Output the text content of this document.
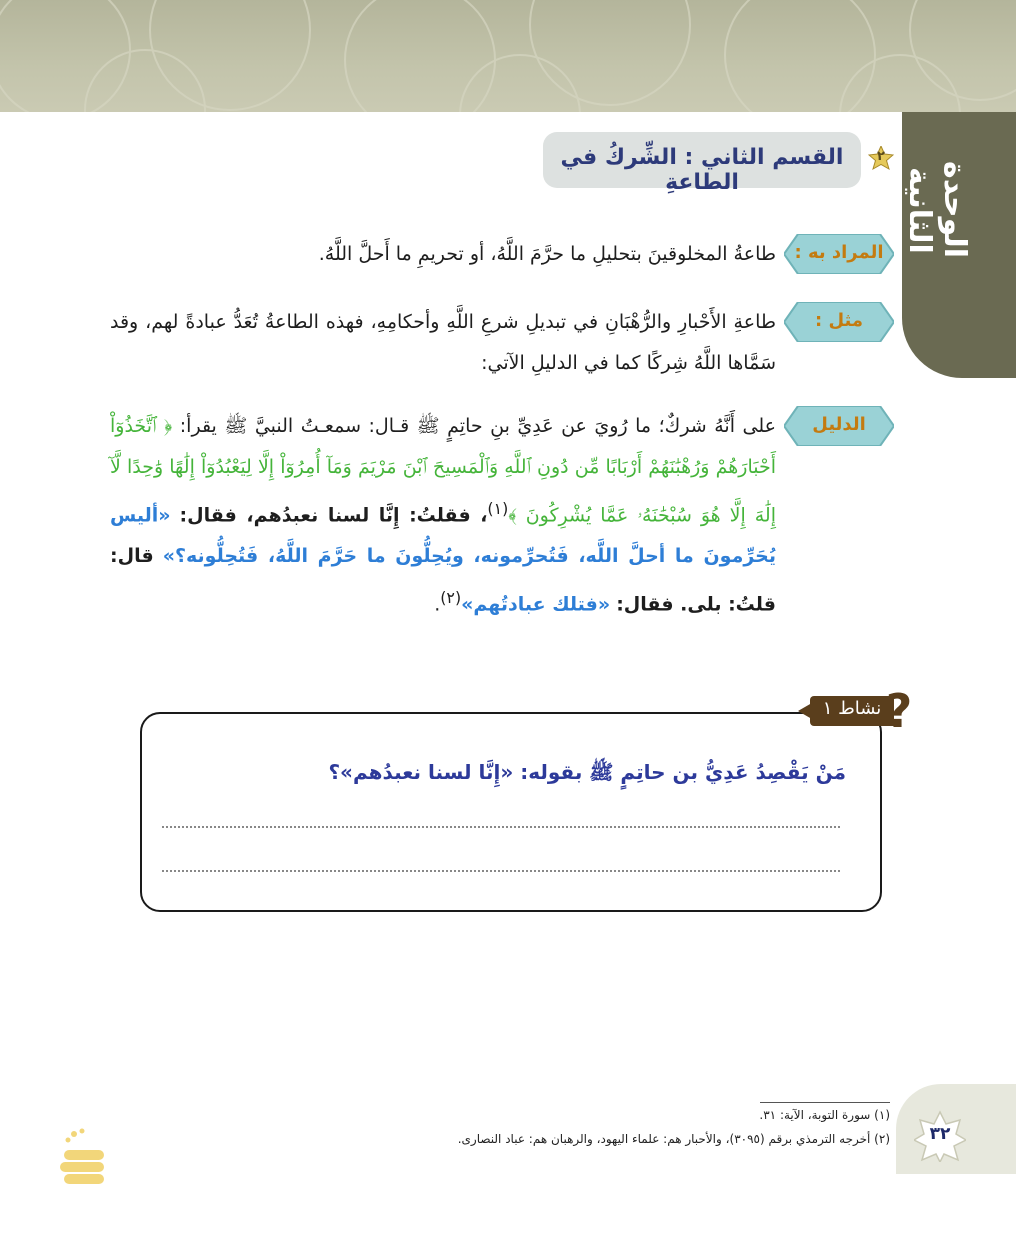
الوحدة الثانية
القسم الثاني : الشِّركُ في الطاعةِ
٢
المراد به :
طاعةُ المخلوقينَ بتحليلِ ما حرَّمَ اللَّهُ، أو تحريمِ ما أَحلَّ اللَّهُ.
مثل :
طاعةِ الأَحْبارِ والرُّهْبَانِ في تبديلِ شرعِ اللَّهِ وأحكامِهِ، فهذه الطاعةُ تُعَدُّ عبادةً لهم، وقد سَمَّاها اللَّهُ شِركًا كما في الدليلِ الآتي:
الدليل
على أَنَّهُ شركٌ؛ ما رُويَ عن عَدِيِّ بنِ حاتِمٍ ﷺ قـال: سمعـتُ النبيَّ ﷺ يقرأ: ﴿ ٱتَّخَذُوٓاْ أَحْبَارَهُمْ وَرُهْبَٰنَهُمْ أَرْبَابًا مِّن دُونِ ٱللَّهِ وَٱلْمَسِيحَ ٱبْنَ مَرْيَمَ وَمَآ أُمِرُوٓاْ إِلَّا لِيَعْبُدُوٓاْ إِلَٰهًا وَٰحِدًا لَّآ إِلَٰهَ إِلَّا هُوَ سُبْحَٰنَهُۥ عَمَّا يُشْرِكُونَ ﴾$^{(١)}$، فقلتُ: إِنَّا لسنا نعبدُهم، فقال: «أليس يُحَرِّمونَ ما أحلَّ اللَّه، فَتُحرِّمونه، ويُحِلُّونَ ما حَرَّمَ اللَّهُ، فَتُحِلُّونه؟» قال: قلتُ: بلى. فقال: «فتلك عبادتُهم»$^{(٢)}$.
نشاط ١ ?
مَنْ يَقْصِدُ عَدِيُّ بن حاتِمٍ ﷺ بقوله: «إِنَّا لسنا نعبدُهم»؟
(١) سورة التوبة، الآية: ٣١.
(٢) أخرجه الترمذي برقم (٣٠٩٥)، والأحبار هم: علماء اليهود، والرهبان هم: عباد النصارى.	٣٢
